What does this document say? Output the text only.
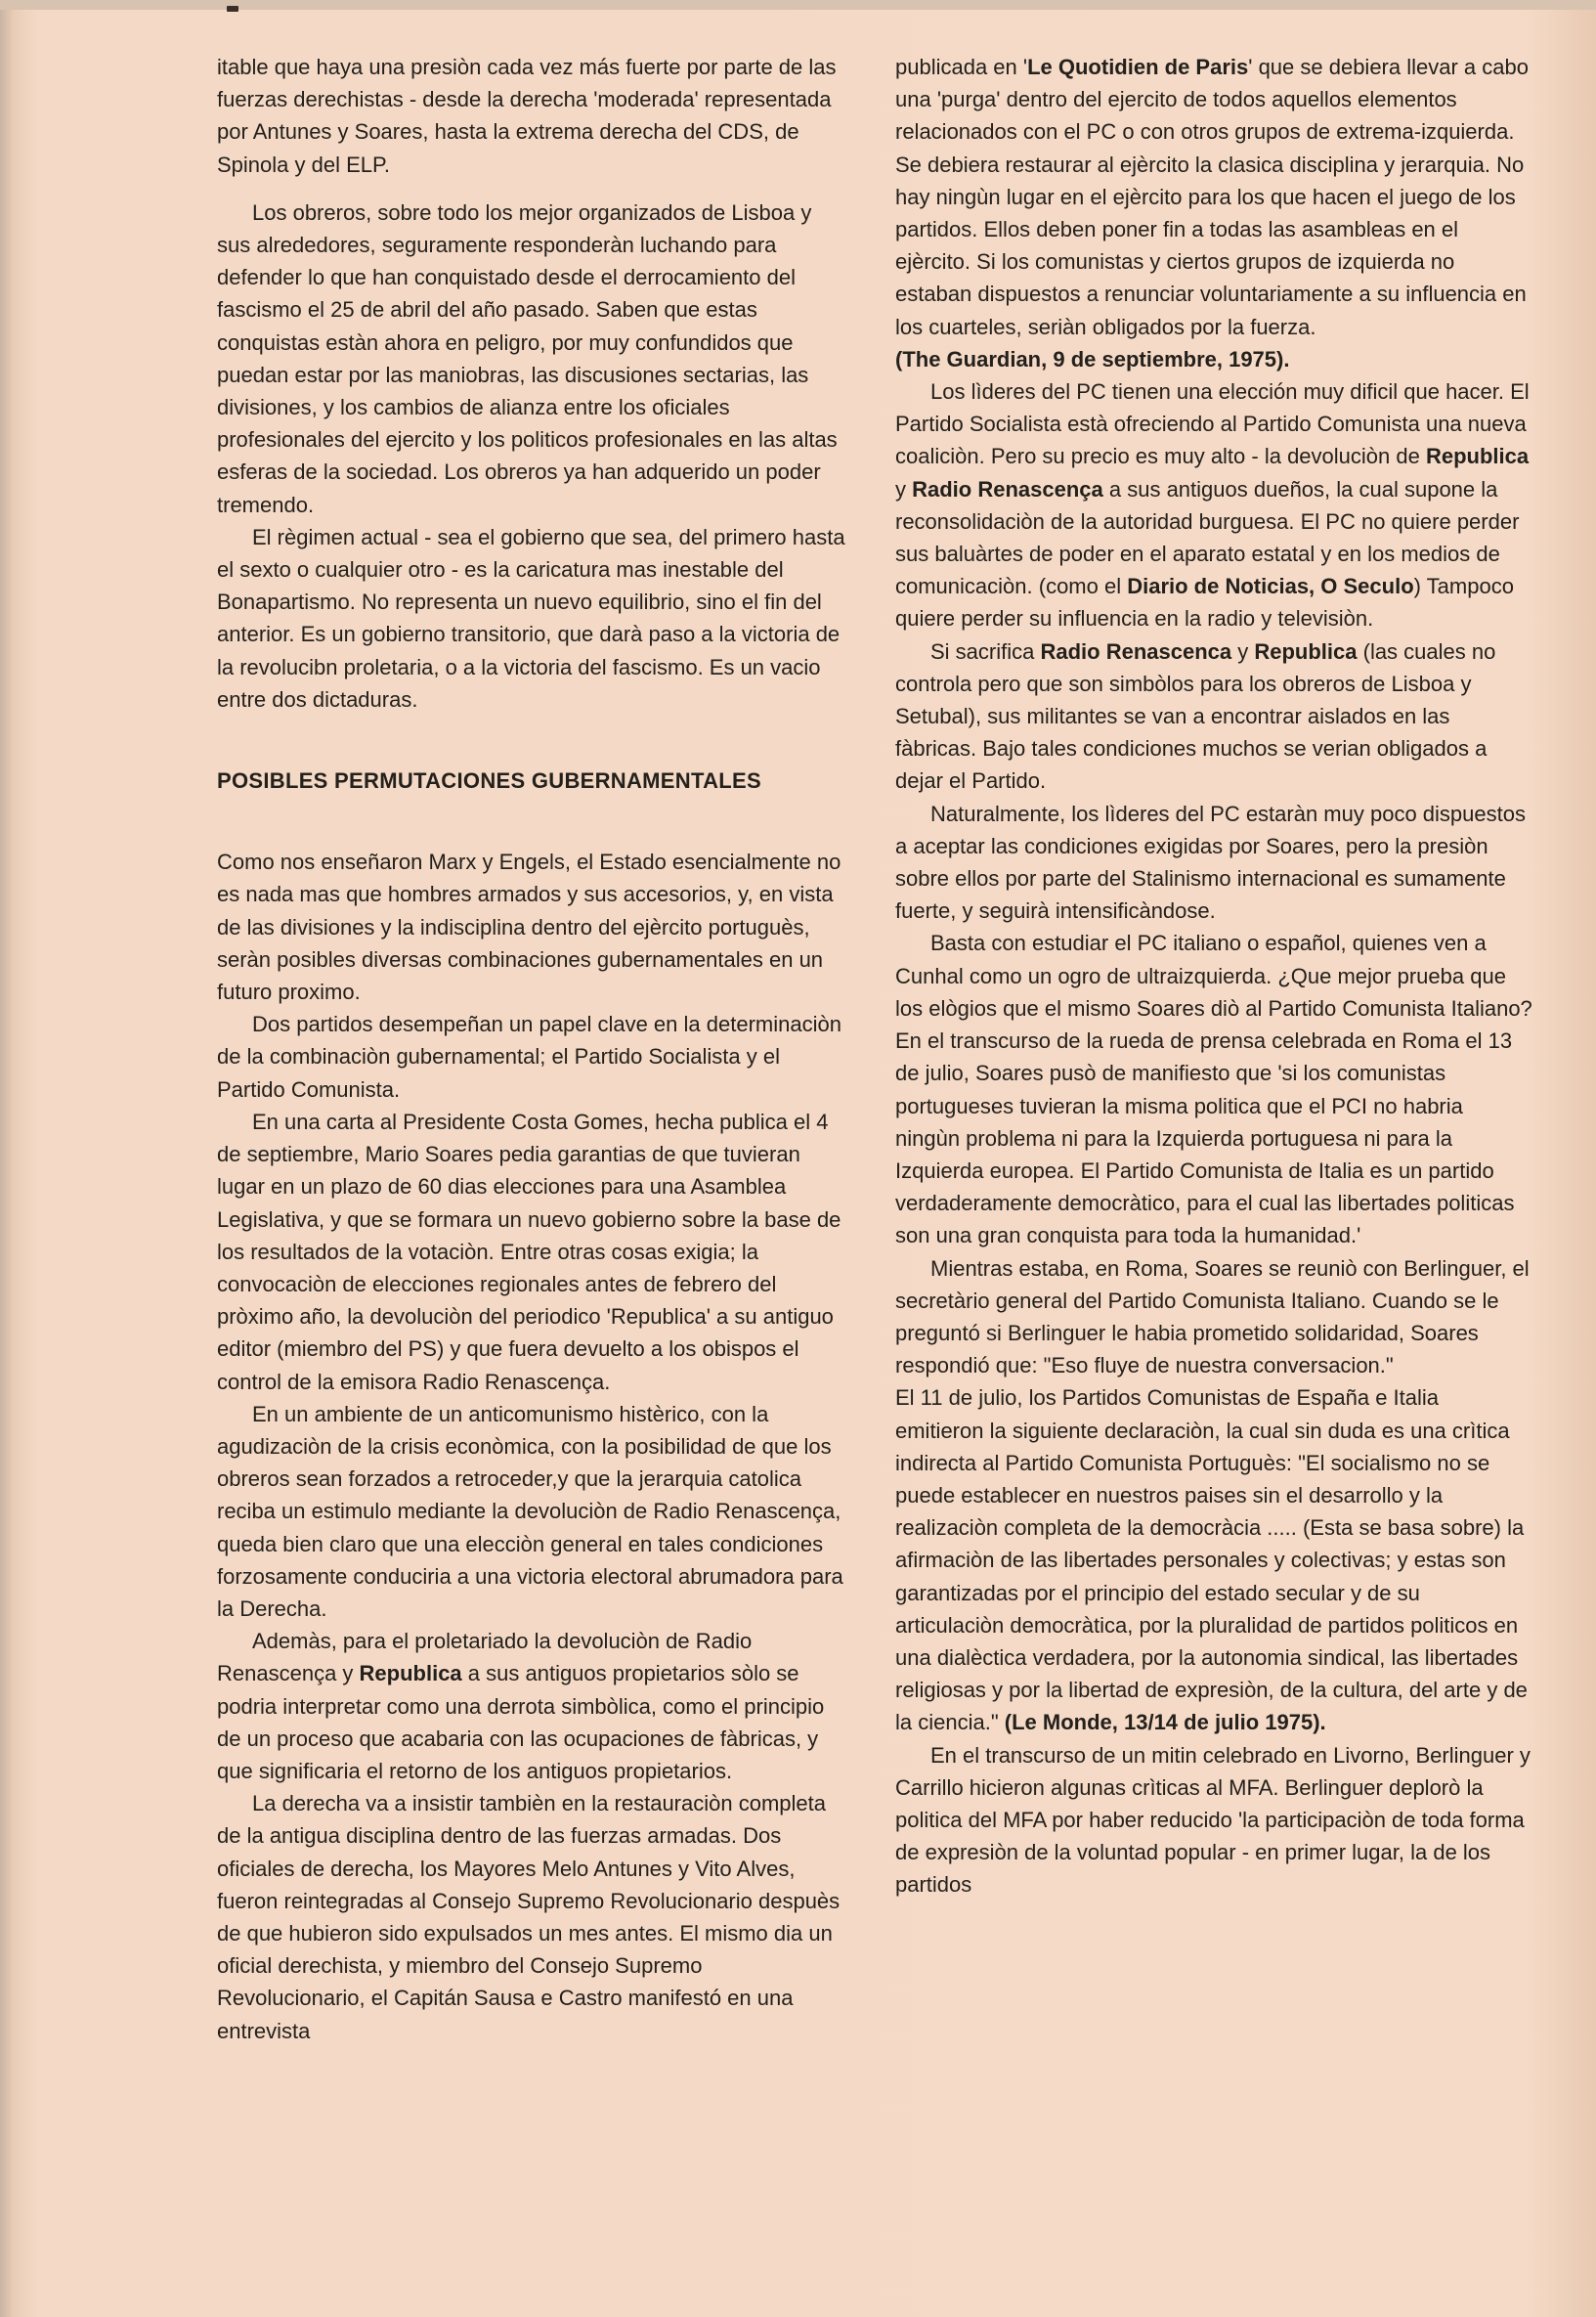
itable que haya una presiòn cada vez más fuerte por parte de las fuerzas derechistas - desde la derecha 'moderada' representada por Antunes y Soares, hasta la extrema derecha del CDS, de Spinola y del ELP.

Los obreros, sobre todo los mejor organizados de Lisboa y sus alrededores, seguramente responderàn luchando para defender lo que han conquistado desde el derrocamiento del fascismo el 25 de abril del año pasado. Saben que estas conquistas estàn ahora en peligro, por muy confundidos que puedan estar por las maniobras, las discusiones sectarias, las divisiones, y los cambios de alianza entre los oficiales profesionales del ejercito y los politicos profesionales en las altas esferas de la sociedad. Los obreros ya han adquerido un poder tremendo.

El règimen actual - sea el gobierno que sea, del primero hasta el sexto o cualquier otro - es la caricatura mas inestable del Bonapartismo. No representa un nuevo equilibrio, sino el fin del anterior. Es un gobierno transitorio, que darà paso a la victoria de la revolucibn proletaria, o a la victoria del fascismo. Es un vacio entre dos dictaduras.

POSIBLES PERMUTACIONES GUBERNAMENTALES

Como nos enseñaron Marx y Engels, el Estado esencialmente no es nada mas que hombres armados y sus accesorios, y, en vista de las divisiones y la indisciplina dentro del ejèrcito portuguès, seràn posibles diversas combinaciones gubernamentales en un futuro proximo.

Dos partidos desempeñan un papel clave en la determinaciòn de la combinaciòn gubernamental; el Partido Socialista y el Partido Comunista.

En una carta al Presidente Costa Gomes, hecha publica el 4 de septiembre, Mario Soares pedia garantias de que tuvieran lugar en un plazo de 60 dias elecciones para una Asamblea Legislativa, y que se formara un nuevo gobierno sobre la base de los resultados de la votaciòn. Entre otras cosas exigia; la convocaciòn de elecciones regionales antes de febrero del pròximo año, la devoluciòn del periodico 'Republica' a su antiguo editor (miembro del PS) y que fuera devuelto a los obispos el control de la emisora Radio Renascença.

En un ambiente de un anticomunismo histèrico, con la agudizaciòn de la crisis econòmica, con la posibilidad de que los obreros sean forzados a retroceder,y que la jerarquia catolica reciba un estimulo mediante la devoluciòn de Radio Renascença, queda bien claro que una elecciòn general en tales condiciones forzosamente conduciria a una victoria electoral abrumadora para la Derecha.

Ademàs, para el proletariado la devoluciòn de Radio Renascença y Republica a sus antiguos propietarios sòlo se podria interpretar como una derrota simbòlica, como el principio de un proceso que acabaria con las ocupaciones de fàbricas, y que significaria el retorno de los antiguos propietarios.

La derecha va a insistir tambièn en la restauraciòn completa de la antigua disciplina dentro de las fuerzas armadas. Dos oficiales de derecha, los Mayores Melo Antunes y Vito Alves, fueron reintegradas al Consejo Supremo Revolucionario despuès de que hubieron sido expulsados un mes antes. El mismo dia un oficial derechista, y miembro del Consejo Supremo Revolucionario, el Capitán Sausa e Castro manifestó en una entrevista

publicada en 'Le Quotidien de Paris' que se debiera llevar a cabo una 'purga' dentro del ejercito de todos aquellos elementos relacionados con el PC o con otros grupos de extrema-izquierda. Se debiera restaurar al ejèrcito la clasica disciplina y jerarquia. No hay ningùn lugar en el ejèrcito para los que hacen el juego de los partidos. Ellos deben poner fin a todas las asambleas en el ejèrcito. Si los comunistas y ciertos grupos de izquierda no estaban dispuestos a renunciar voluntariamente a su influencia en los cuarteles, seriàn obligados por la fuerza.
(The Guardian, 9 de septiembre, 1975).

Los lìderes del PC tienen una elección muy dificil que hacer. El Partido Socialista està ofreciendo al Partido Comunista una nueva coaliciòn. Pero su precio es muy alto - la devoluciòn de Republica y Radio Renascença a sus antiguos dueños, la cual supone la reconsolidaciòn de la autoridad burguesa. El PC no quiere perder sus baluàrtes de poder en el aparato estatal y en los medios de comunicaciòn. (como el Diario de Noticias, O Seculo) Tampoco quiere perder su influencia en la radio y televisiòn.

Si sacrifica Radio Renascenca y Republica (las cuales no controla pero que son simbòlos para los obreros de Lisboa y Setubal), sus militantes se van a encontrar aislados en las fàbricas. Bajo tales condiciones muchos se verian obligados a dejar el Partido.

Naturalmente, los lìderes del PC estaràn muy poco dispuestos a aceptar las condiciones exigidas por Soares, pero la presiòn sobre ellos por parte del Stalinismo internacional es sumamente fuerte, y seguirà intensificàndose.

Basta con estudiar el PC italiano o español, quienes ven a Cunhal como un ogro de ultraizquierda. ¿Que mejor prueba que los elògios que el mismo Soares diò al Partido Comunista Italiano? En el transcurso de la rueda de prensa celebrada en Roma el 13 de julio, Soares pusò de manifiesto que 'si los comunistas portugueses tuvieran la misma politica que el PCI no habria ningùn problema ni para la Izquierda portuguesa ni para la Izquierda europea. El Partido Comunista de Italia es un partido verdaderamente democràtico, para el cual las libertades politicas son una gran conquista para toda la humanidad.'

Mientras estaba, en Roma, Soares se reuniò con Berlinguer, el secretàrio general del Partido Comunista Italiano. Cuando se le preguntó si Berlinguer le habia prometido solidaridad, Soares respondió que: "Eso fluye de nuestra conversacion."

El 11 de julio, los Partidos Comunistas de España e Italia emitieron la siguiente declaraciòn, la cual sin duda es una crìtica indirecta al Partido Comunista Portuguès: "El socialismo no se puede establecer en nuestros paises sin el desarrollo y la realizaciòn completa de la democràcia ..... (Esta se basa sobre) la afirmaciòn de las libertades personales y colectivas; y estas son garantizadas por el principio del estado secular y de su articulaciòn democràtica, por la pluralidad de partidos politicos en una dialèctica verdadera, por la autonomia sindical, las libertades religiosas y por la libertad de expresiòn, de la cultura, del arte y de la ciencia." (Le Monde, 13/14 de julio 1975).

En el transcurso de un mitin celebrado en Livorno, Berlinguer y Carrillo hicieron algunas crìticas al MFA. Berlinguer deplorò la politica del MFA por haber reducido 'la participaciòn de toda forma de expresiòn de la voluntad popular - en primer lugar, la de los partidos
